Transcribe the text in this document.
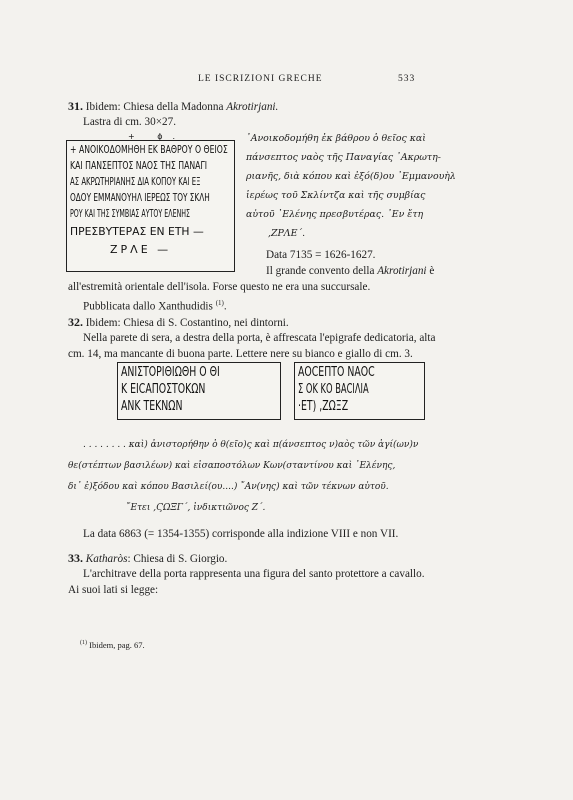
LE ISCRIZIONI GRECHE	533
31. Ibidem: Chiesa della Madonna Akrotirjani.
Lastra di cm. 30×27.
+ ϕ.
+ ΑΝΟΙΚΟΔΟΜΗΘΗ ΕΚ ΒΑΘΡΟΥ Ο ΘΕΙΟΣ
ΚΑΙ ΠΑΝΣΕΠΤΟΣ ΝΑΟΣ ΤΗΣ ΠΑΝΑΓΙ
ΑΣ ΑΚΡΩΤΗΡΙΑΝΗΣ ΔΙΑ ΚΟΠΟΥ ΚΑΙ ΕΞ
ΟΔΟΥ ΕΜΜΑΝΟΥΗΛ ΙΕΡΕΩΣ ΤΟΥ ΣΚΛΗ
ΡΟΥ ΚΑΙ ΤΗΣ ΣΥΜΒΙΑΣ ΑΥΤΟΥ ΕΛΕΝΗΣ
ΠΡΕΣΒΥΤΕΡΑΣ ΕΝ ΕΤΗ —
ΖΡΛΕ —
᾿Ανοικοδομήθη ἐκ βάθρου ὁ θεῖος καὶ
πάνσεπτος ναὸς τῆς Παναγίας ᾿Ακρωτη-
ριανῆς, διὰ κόπου καὶ ἐξό(δ)ου ᾿Εμμανουὴλ
ἱερέως τοῦ Σκλίντζα καὶ τῆς συμβίας
αὐτοῦ ᾿Ελένης πρεσβυτέρας. ᾿Εν ἔτη
,ΖΡΛΕ΄.
Data 7135 = 1626-1627.
Il grande convento della Akrotirjani è
all'estremità orientale dell'isola. Forse questo ne era una succursale.
Pubblicata dallo Xanthudidis $^{(1)}$.
32. Ibidem: Chiesa di S. Costantino, nei dintorni.
Nella parete di sera, a destra della porta, è affrescata l'epigrafe dedicatoria, alta
cm. 14, ma mancante di buona parte. Lettere nere su bianco e giallo di cm. 3.
ΑΝΙΣΤΟΡΙΘΙΩΘΗ Ο ΘΙ
Κ ΕΙCΑΠΟΣΤΟΚΩΝ
ΑΝΚ ΤΕΚΝΩΝ
ΑΟCΕΠΤΟ ΝΑΟC
Σ ΟΚ ΚΟ ΒΑCΙΛΙΑ
·ΕΤ) ,ΖΩΞΖ
. . . . . . . . καὶ) ἀνιστορήθην ὁ θ(εῖο)ς καὶ π(άνσεπτος ν)αὸς τῶν ἁγί(ων)ν
θε(στέπτων βασιλέων) καὶ εἰσαποστόλων Κων(σταντίνου καὶ ᾿Ελένης,
δι᾿ ἐ)ξόδου καὶ κόπου Βασιλεί(ου....) ῎Αν(νης) καὶ τῶν τέκνων αὐτοῦ.
῎Ετει ,ϚΩΞΓ΄, ἰνδικτιῶνος Ζ΄.
La data 6863 (= 1354-1355) corrisponde alla indizione VIII e non VII.
33. Katharòs: Chiesa di S. Giorgio.
L'architrave della porta rappresenta una figura del santo protettore a cavallo.
Ai suoi lati si legge:
$^{(1)}$ Ibidem, pag. 67.
